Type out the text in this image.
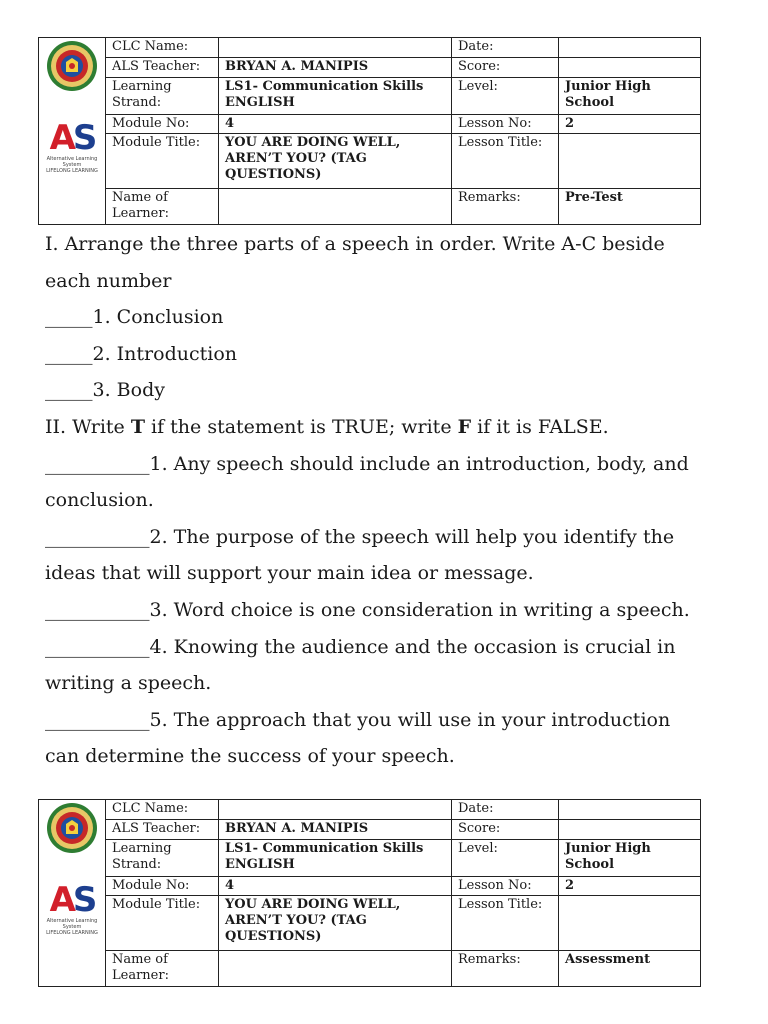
AS
Alternative Learning System
LIFELONG LEARNING	CLC Name:		Date:	
	ALS Teacher:	BRYAN A. MANIPIS	Score:	
	Learning Strand:	LS1- Communication Skills ENGLISH	Level:	Junior High School
	Module No:	4	Lesson No:	2
	Module Title:	YOU ARE DOING WELL, AREN’T YOU? (TAG QUESTIONS)	Lesson Title:	
	Name of Learner:		Remarks:	Pre-Test

I. Arrange the three parts of a speech in order. Write A-C beside each number

_____1. Conclusion

_____2. Introduction

_____3. Body

II. Write T if the statement is TRUE; write F if it is FALSE.

___________1. Any speech should include an introduction, body, and conclusion.

___________2. The purpose of the speech will help you identify the ideas that will support your main idea or message.

___________3. Word choice is one consideration in writing a speech.

___________4. Knowing the audience and the occasion is crucial in writing a speech.

___________5. The approach that you will use in your introduction can determine the success of your speech.

AS
Alternative Learning System
LIFELONG LEARNING	CLC Name:		Date:	
	ALS Teacher:	BRYAN A. MANIPIS	Score:	
	Learning Strand:	LS1- Communication Skills ENGLISH	Level:	Junior High School
	Module No:	4	Lesson No:	2
	Module Title:	YOU ARE DOING WELL, AREN’T YOU? (TAG QUESTIONS)	Lesson Title:	
	Name of Learner:		Remarks:	Assessment
